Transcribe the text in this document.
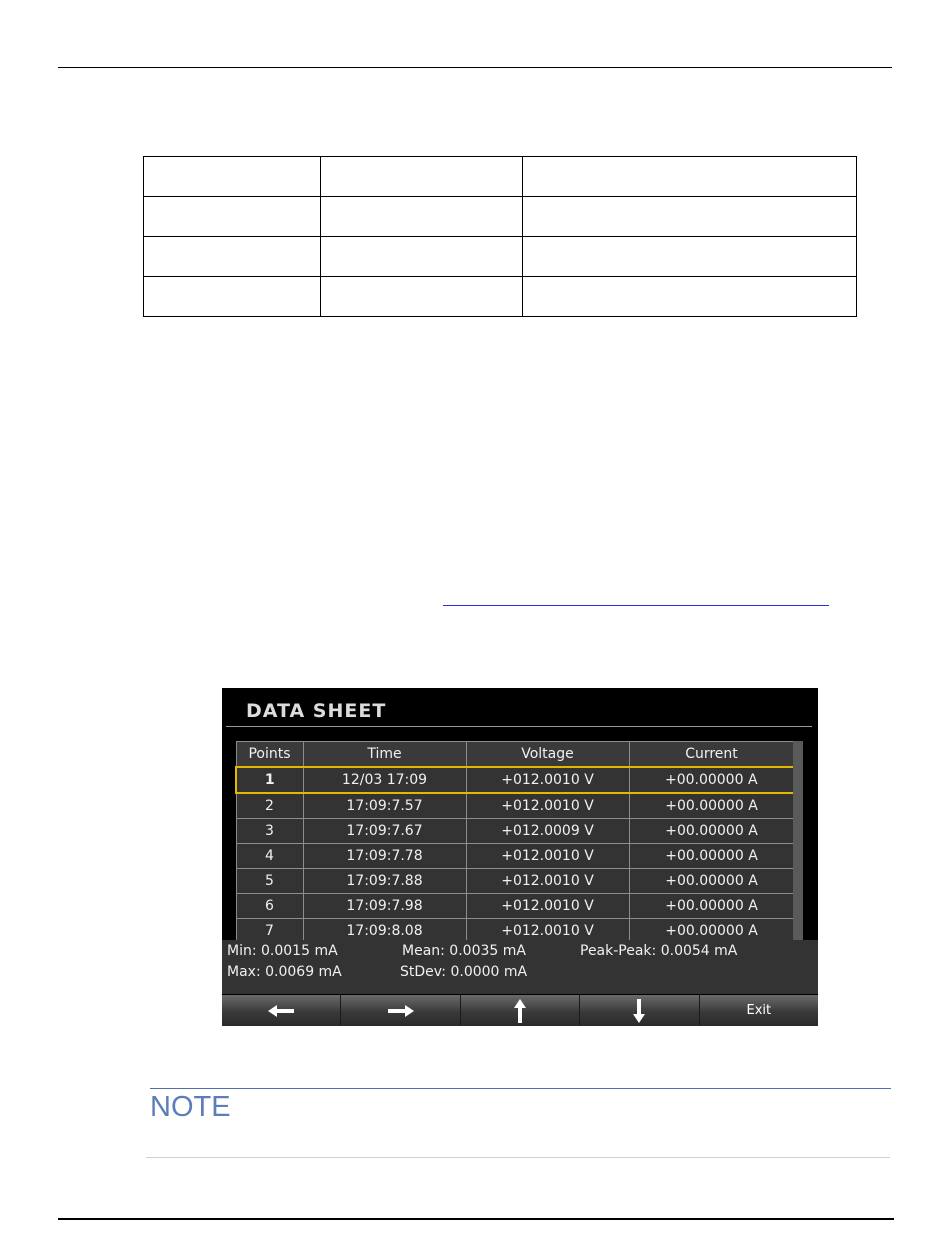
DATA SHEET
Points	Time	Voltage	Current
1	12/03 17:09	+012.0010 V	+00.00000 A
2	17:09:7.57	+012.0010 V	+00.00000 A
3	17:09:7.67	+012.0009 V	+00.00000 A
4	17:09:7.78	+012.0010 V	+00.00000 A
5	17:09:7.88	+012.0010 V	+00.00000 A
6	17:09:7.98	+012.0010 V	+00.00000 A
7	17:09:8.08	+012.0010 V	+00.00000 A
Min: 0.0015 mA	Mean: 0.0035 mA	Peak-Peak: 0.0054 mA
Max: 0.0069 mA	StDev: 0.0000 mA
Exit
NOTE
